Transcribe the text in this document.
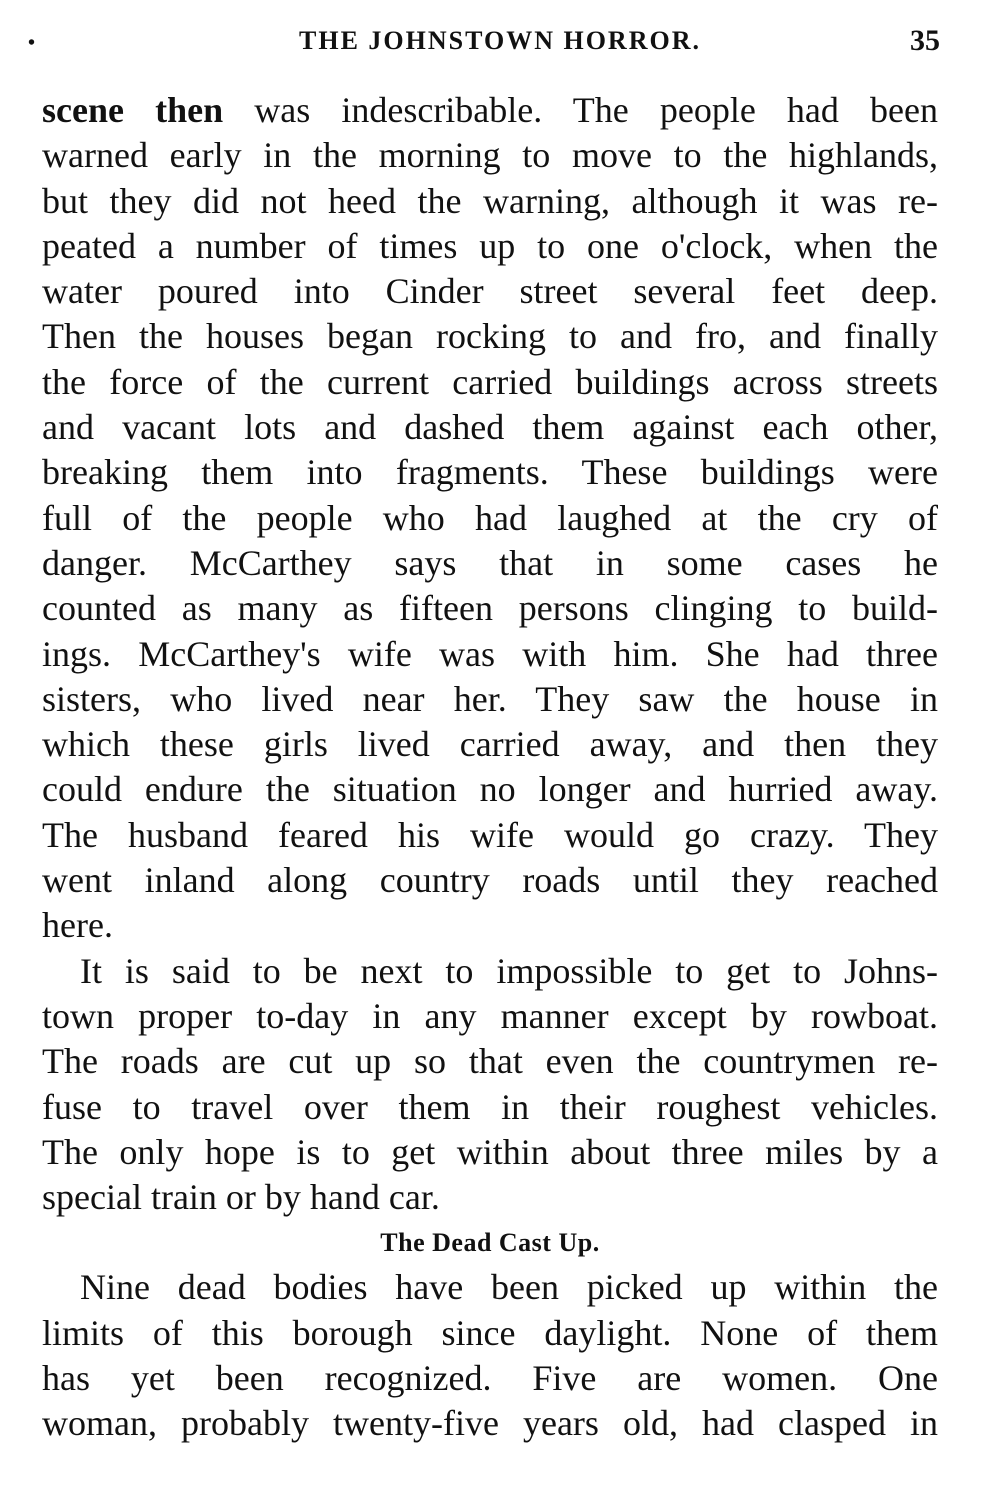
•	THE JOHNSTOWN HORROR.	35
scene then was indescribable. The people had been
warned early in the morning to move to the highlands,
but they did not heed the warning, although it was re-
peated a number of times up to one o'clock, when the
water poured into Cinder street several feet deep.
Then the houses began rocking to and fro, and finally
the force of the current carried buildings across streets
and vacant lots and dashed them against each other,
breaking them into fragments. These buildings were
full of the people who had laughed at the cry of
danger. McCarthey says that in some cases he
counted as many as fifteen persons clinging to build-
ings. McCarthey's wife was with him. She had three
sisters, who lived near her. They saw the house in
which these girls lived carried away, and then they
could endure the situation no longer and hurried away.
The husband feared his wife would go crazy. They
went inland along country roads until they reached
here.
It is said to be next to impossible to get to Johns-
town proper to-day in any manner except by rowboat.
The roads are cut up so that even the countrymen re-
fuse to travel over them in their roughest vehicles.
The only hope is to get within about three miles by a
special train or by hand car.
The Dead Cast Up.
Nine dead bodies have been picked up within the
limits of this borough since daylight. None of them
has yet been recognized. Five are women. One
woman, probably twenty-five years old, had clasped in
